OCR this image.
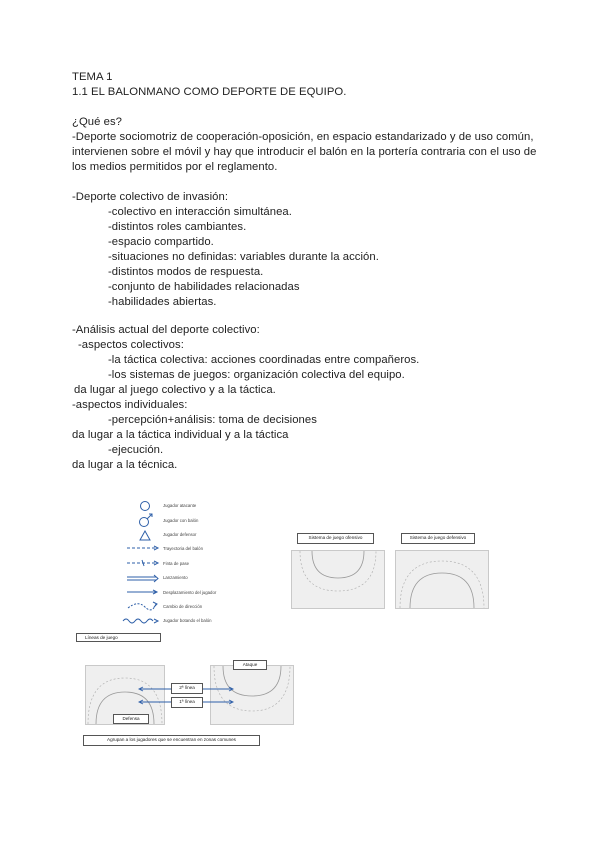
TEMA 1
1.1 EL BALONMANO COMO DEPORTE DE EQUIPO.
¿Qué es?
-Deporte sociomotriz de cooperación-oposición, en espacio estandarizado y de uso común,
intervienen sobre el móvil y hay que introducir el balón en la portería contraria con el uso de
los medios permitidos por el reglamento.
-Deporte colectivo de invasión:
-colectivo en interacción simultánea.
-distintos roles cambiantes.
-espacio compartido.
-situaciones no definidas: variables durante la acción.
-distintos modos de respuesta.
-conjunto de habilidades relacionadas
-habilidades abiertas.
-Análisis actual del deporte colectivo:
-aspectos colectivos:
-la táctica colectiva: acciones coordinadas entre compañeros.
-los sistemas de juegos: organización colectiva del equipo.
da lugar al juego colectivo y a la táctica.
-aspectos individuales:
-percepción+análisis: toma de decisiones
da lugar a la táctica individual y a la táctica
-ejecución.
da lugar a la técnica.
Jugador atacante
Jugador con balón
Jugador defensor
Trayectoria del balón
Finta de pase
Lanzamiento
Desplazamiento del jugador
Cambio de dirección
Jugador botando el balón
Sistema de juego ofensivo	Sistema de juego defensivo
Líneas de juego
Ataque
Defensa
2ª línea
1ª línea
Agrupan a los jugadores que se encuentran en zonas comunes
